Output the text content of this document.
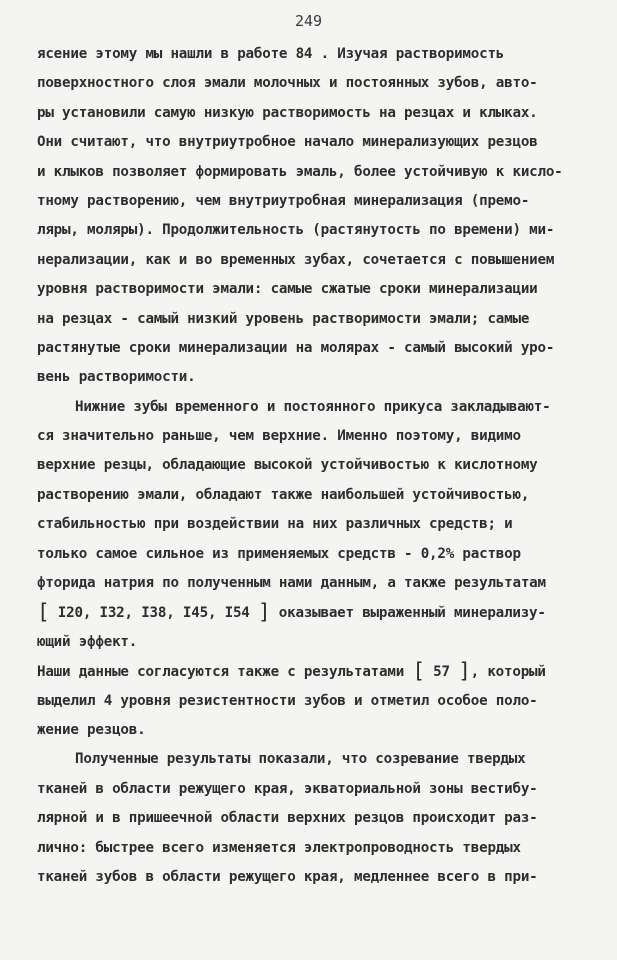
249
ясение этому мы нашли в работе 84 . Изучая растворимость
поверхностного слоя эмали молочных и постоянных зубов, авто-
ры установили самую низкую растворимость на резцах и клыках.
Они считают, что внутриутробное начало минерализующих резцов
и клыков позволяет формировать эмаль, более устойчивую к кисло-
тному растворению, чем внутриутробная минерализация (премо-
ляры, моляры). Продолжительность (растянутость по времени) ми-
нерализации, как и во временных зубах, сочетается с повышением
уровня растворимости эмали: самые сжатые сроки минерализации
на резцах - самый низкий уровень растворимости эмали; самые
растянутые сроки минерализации на молярах - самый высокий уро-
вень растворимости.
Нижние зубы временного и постоянного прикуса закладывают-
ся значительно раньше, чем верхние. Именно поэтому, видимо
верхние резцы, обладающие высокой устойчивостью к кислотному
растворению эмали, обладают также наибольшей устойчивостью,
стабильностью при воздействии на них различных средств; и
только самое сильное из применяемых средств - 0,2% раствор
фторида натрия по полученным нами данным, а также результатам
[ I20, I32, I38, I45, I54 ] оказывает выраженный минерализу-
ющий эффект.
Наши данные согласуются также с результатами [ 57 ], который
выделил 4 уровня резистентности зубов и отметил особое поло-
жение резцов.
Полученные результаты показали, что созревание твердых
тканей в области режущего края, экваториальной зоны вестибу-
лярной и в пришеечной области верхних резцов происходит раз-
лично: быстрее всего изменяется электропроводность твердых
тканей зубов в области режущего края, медленнее всего в при-
